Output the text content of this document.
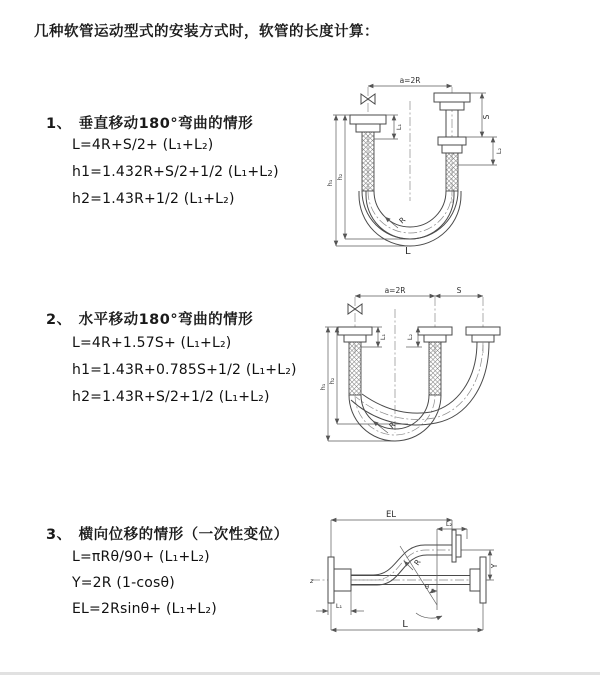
几种软管运动型式的安装方式时，软管的长度计算：
1、 垂直移动180°弯曲的情形
L=4R+S/2+ (L₁+L₂)
h1=1.432R+S/2+1/2 (L₁+L₂)
h2=1.43R+1/2 (L₁+L₂)
a=2R
L₁
S
L₂
h₁
h₂
R
L
2、 水平移动180°弯曲的情形
L=4R+1.57S+ (L₁+L₂)
h1=1.43R+0.785S+1/2 (L₁+L₂)
h2=1.43R+S/2+1/2 (L₁+L₂)
a=2R	S
L₁	L₂
h₁
h₂
R
3、 横向位移的情形（一次性变位）
L=πRθ/90+ (L₁+L₂)
Y=2R (1-cosθ)
EL=2Rsinθ+ (L₁+L₂)
z
EL
L₂
Y
R
θ
L
L₁
